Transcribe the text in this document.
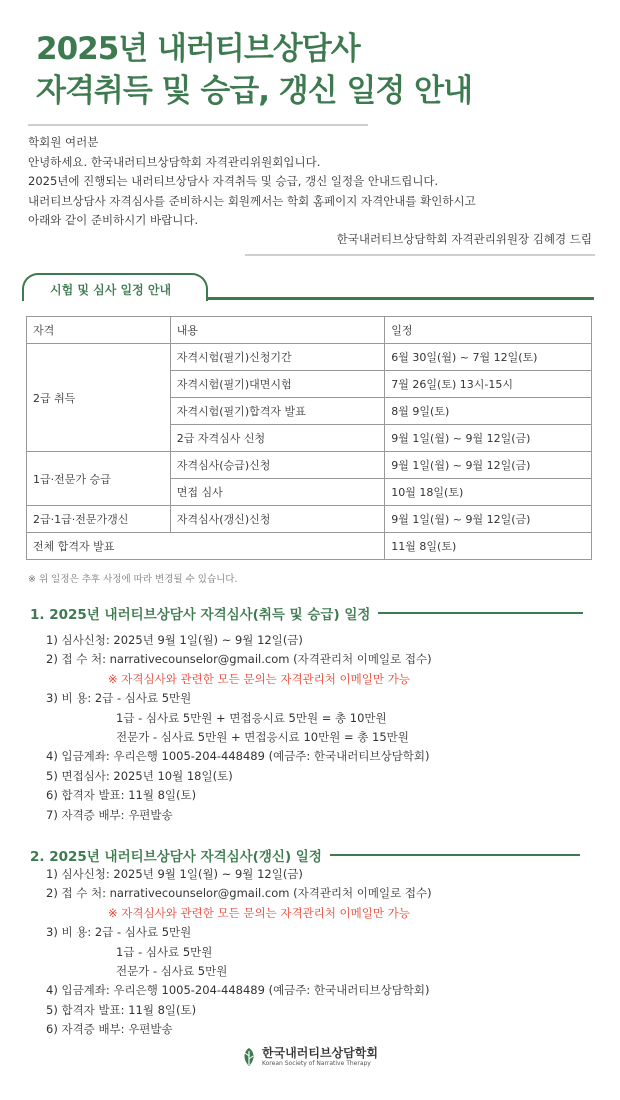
2025년 내러티브상담사
자격취득 및 승급, 갱신 일정 안내
학회원 여러분
안녕하세요. 한국내러티브상담학회 자격관리위원회입니다.
2025년에 진행되는 내러티브상담사 자격취득 및 승급, 갱신 일정을 안내드립니다.
내러티브상담사 자격심사를 준비하시는 회원께서는 학회 홈페이지 자격안내를 확인하시고
아래와 같이 준비하시기 바랍니다.
한국내러티브상담학회 자격관리위원장 김혜경 드림
시험 및 심사 일정 안내
자격	내용	일정
2급 취득	자격시험(필기)신청기간	6월 30일(월) ~ 7월 12일(토)
	자격시험(필기)대면시험	7월 26일(토) 13시-15시
	자격시험(필기)합격자 발표	8월 9일(토)
	2급 자격심사 신청	9월 1일(월) ~ 9월 12일(금)
1급·전문가 승급	자격심사(승급)신청	9월 1일(월) ~ 9월 12일(금)
	면접 심사	10월 18일(토)
2급·1급·전문가갱신	자격심사(갱신)신청	9월 1일(월) ~ 9월 12일(금)
전체 합격자 발표		11월 8일(토)
※ 위 일정은 추후 사정에 따라 변경될 수 있습니다.
1. 2025년 내러티브상담사 자격심사(취득 및 승급) 일정
1) 심사신청: 2025년 9월 1일(월) ~ 9월 12일(금)
2) 접 수 처: narrativecounselor@gmail.com (자격관리처 이메일로 접수)
※ 자격심사와 관련한 모든 문의는 자격관리처 이메일만 가능
3) 비 용: 2급 - 심사료 5만원
1급 - 심사료 5만원 + 면접응시료 5만원 = 총 10만원
전문가 - 심사료 5만원 + 면접응시료 10만원 = 총 15만원
4) 입금계좌: 우리은행 1005-204-448489 (예금주: 한국내러티브상담학회)
5) 면접심사: 2025년 10월 18일(토)
6) 합격자 발표: 11월 8일(토)
7) 자격증 배부: 우편발송
2. 2025년 내러티브상담사 자격심사(갱신) 일정
1) 심사신청: 2025년 9월 1일(월) ~ 9월 12일(금)
2) 접 수 처: narrativecounselor@gmail.com (자격관리처 이메일로 접수)
※ 자격심사와 관련한 모든 문의는 자격관리처 이메일만 가능
3) 비 용: 2급 - 심사료 5만원
1급 - 심사료 5만원
전문가 - 심사료 5만원
4) 입금계좌: 우리은행 1005-204-448489 (예금주: 한국내러티브상담학회)
5) 합격자 발표: 11월 8일(토)
6) 자격증 배부: 우편발송
한국내러티브상담학회
Korean Society of Narrative Therapy
